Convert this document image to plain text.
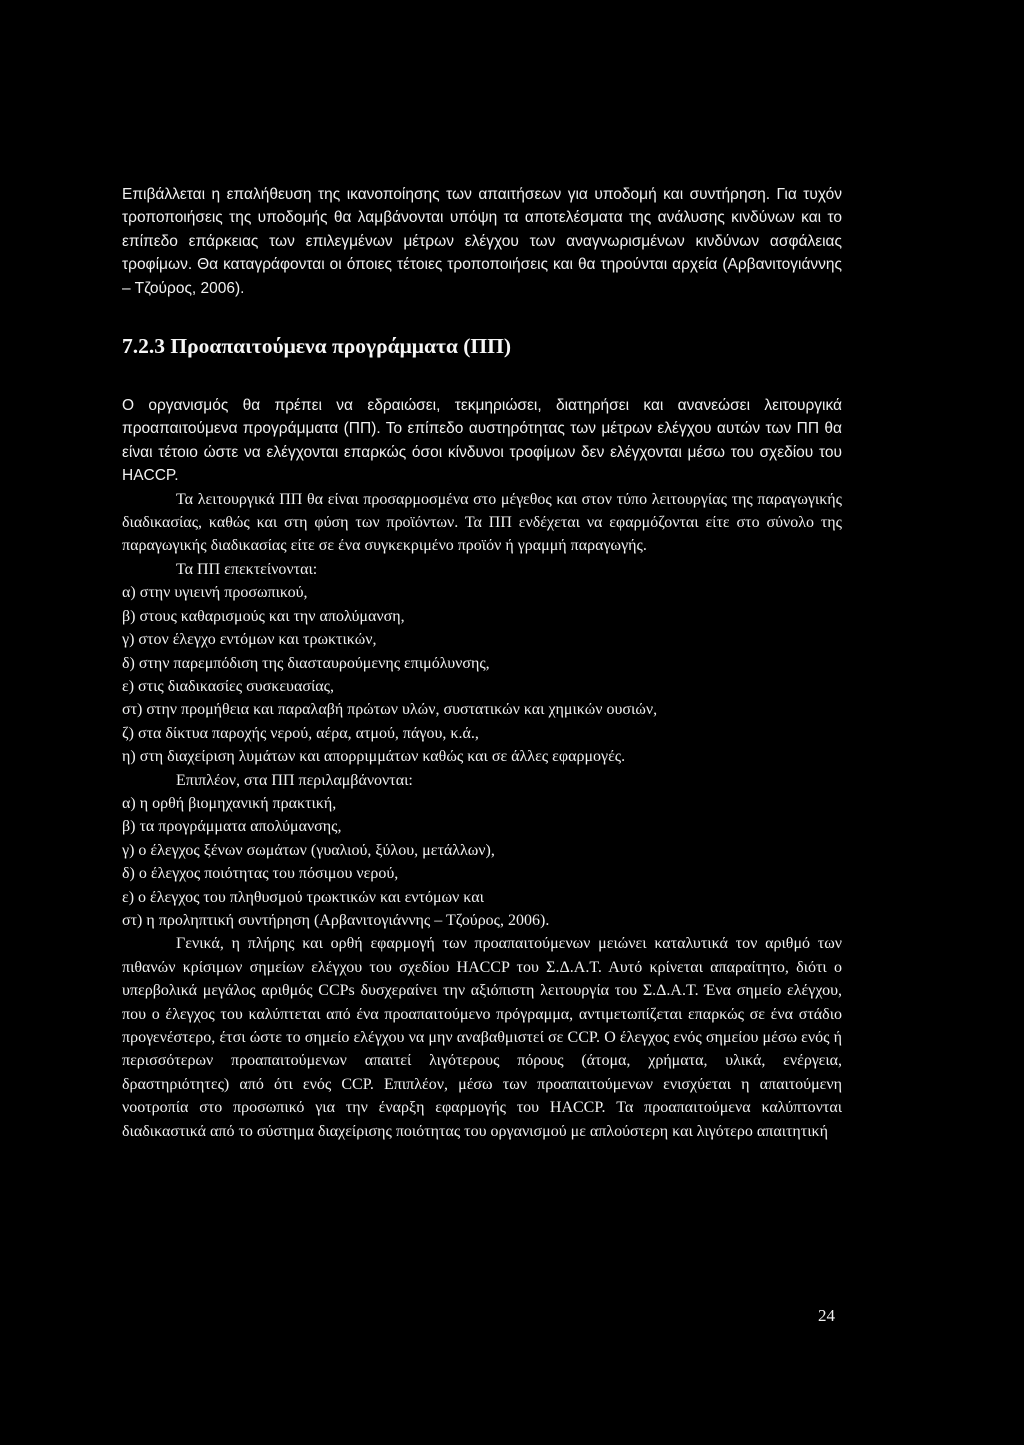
Επιβάλλεται η επαλήθευση της ικανοποίησης των απαιτήσεων για υποδομή και συντήρηση. Για τυχόν τροποποιήσεις της υποδομής θα λαμβάνονται υπόψη τα αποτελέσματα της ανάλυσης κινδύνων και το επίπεδο επάρκειας των επιλεγμένων μέτρων ελέγχου των αναγνωρισμένων κινδύνων ασφάλειας τροφίμων. Θα καταγράφονται οι όποιες τέτοιες τροποποιήσεις και θα τηρούνται αρχεία (Αρβανιτογιάννης – Τζούρος, 2006).

7.2.3 Προαπαιτούμενα προγράμματα (ΠΠ)

Ο οργανισμός θα πρέπει να εδραιώσει, τεκμηριώσει, διατηρήσει και ανανεώσει λειτουργικά προαπαιτούμενα προγράμματα (ΠΠ). Το επίπεδο αυστηρότητας των μέτρων ελέγχου αυτών των ΠΠ θα είναι τέτοιο ώστε να ελέγχονται επαρκώς όσοι κίνδυνοι τροφίμων δεν ελέγχονται μέσω του σχεδίου του HACCP.

Τα λειτουργικά ΠΠ θα είναι προσαρμοσμένα στο μέγεθος και στον τύπο λειτουργίας της παραγωγικής διαδικασίας, καθώς και στη φύση των προϊόντων. Τα ΠΠ ενδέχεται να εφαρμόζονται είτε στο σύνολο της παραγωγικής διαδικασίας είτε σε ένα συγκεκριμένο προϊόν ή γραμμή παραγωγής.

Τα ΠΠ επεκτείνονται:

α) στην υγιεινή προσωπικού,

β) στους καθαρισμούς και την απολύμανση,

γ) στον έλεγχο εντόμων και τρωκτικών,

δ) στην παρεμπόδιση της διασταυρούμενης επιμόλυνσης,

ε) στις διαδικασίες συσκευασίας,

στ) στην προμήθεια και παραλαβή πρώτων υλών, συστατικών και χημικών ουσιών,

ζ) στα δίκτυα παροχής νερού, αέρα, ατμού, πάγου, κ.ά.,

η) στη διαχείριση λυμάτων και απορριμμάτων καθώς και σε άλλες εφαρμογές.

Επιπλέον, στα ΠΠ περιλαμβάνονται:

α) η ορθή βιομηχανική πρακτική,

β) τα προγράμματα απολύμανσης,

γ) ο έλεγχος ξένων σωμάτων (γυαλιού, ξύλου, μετάλλων),

δ) ο έλεγχος ποιότητας του πόσιμου νερού,

ε) ο έλεγχος του πληθυσμού τρωκτικών και εντόμων και

στ) η προληπτική συντήρηση (Αρβανιτογιάννης – Τζούρος, 2006).

Γενικά, η πλήρης και ορθή εφαρμογή των προαπαιτούμενων μειώνει καταλυτικά τον αριθμό των πιθανών κρίσιμων σημείων ελέγχου του σχεδίου HACCP του Σ.Δ.Α.Τ. Αυτό κρίνεται απαραίτητο, διότι ο υπερβολικά μεγάλος αριθμός CCPs δυσχεραίνει την αξιόπιστη λειτουργία του Σ.Δ.Α.Τ. Ένα σημείο ελέγχου, που ο έλεγχος του καλύπτεται από ένα προαπαιτούμενο πρόγραμμα, αντιμετωπίζεται επαρκώς σε ένα στάδιο προγενέστερο, έτσι ώστε το σημείο ελέγχου να μην αναβαθμιστεί σε CCP. Ο έλεγχος ενός σημείου μέσω ενός ή περισσότερων προαπαιτούμενων απαιτεί λιγότερους πόρους (άτομα, χρήματα, υλικά, ενέργεια, δραστηριότητες) από ότι ενός CCP. Επιπλέον, μέσω των προαπαιτούμενων ενισχύεται η απαιτούμενη νοοτροπία στο προσωπικό για την έναρξη εφαρμογής του HACCP. Τα προαπαιτούμενα καλύπτονται διαδικαστικά από το σύστημα διαχείρισης ποιότητας του οργανισμού με απλούστερη και λιγότερο απαιτητική

24
